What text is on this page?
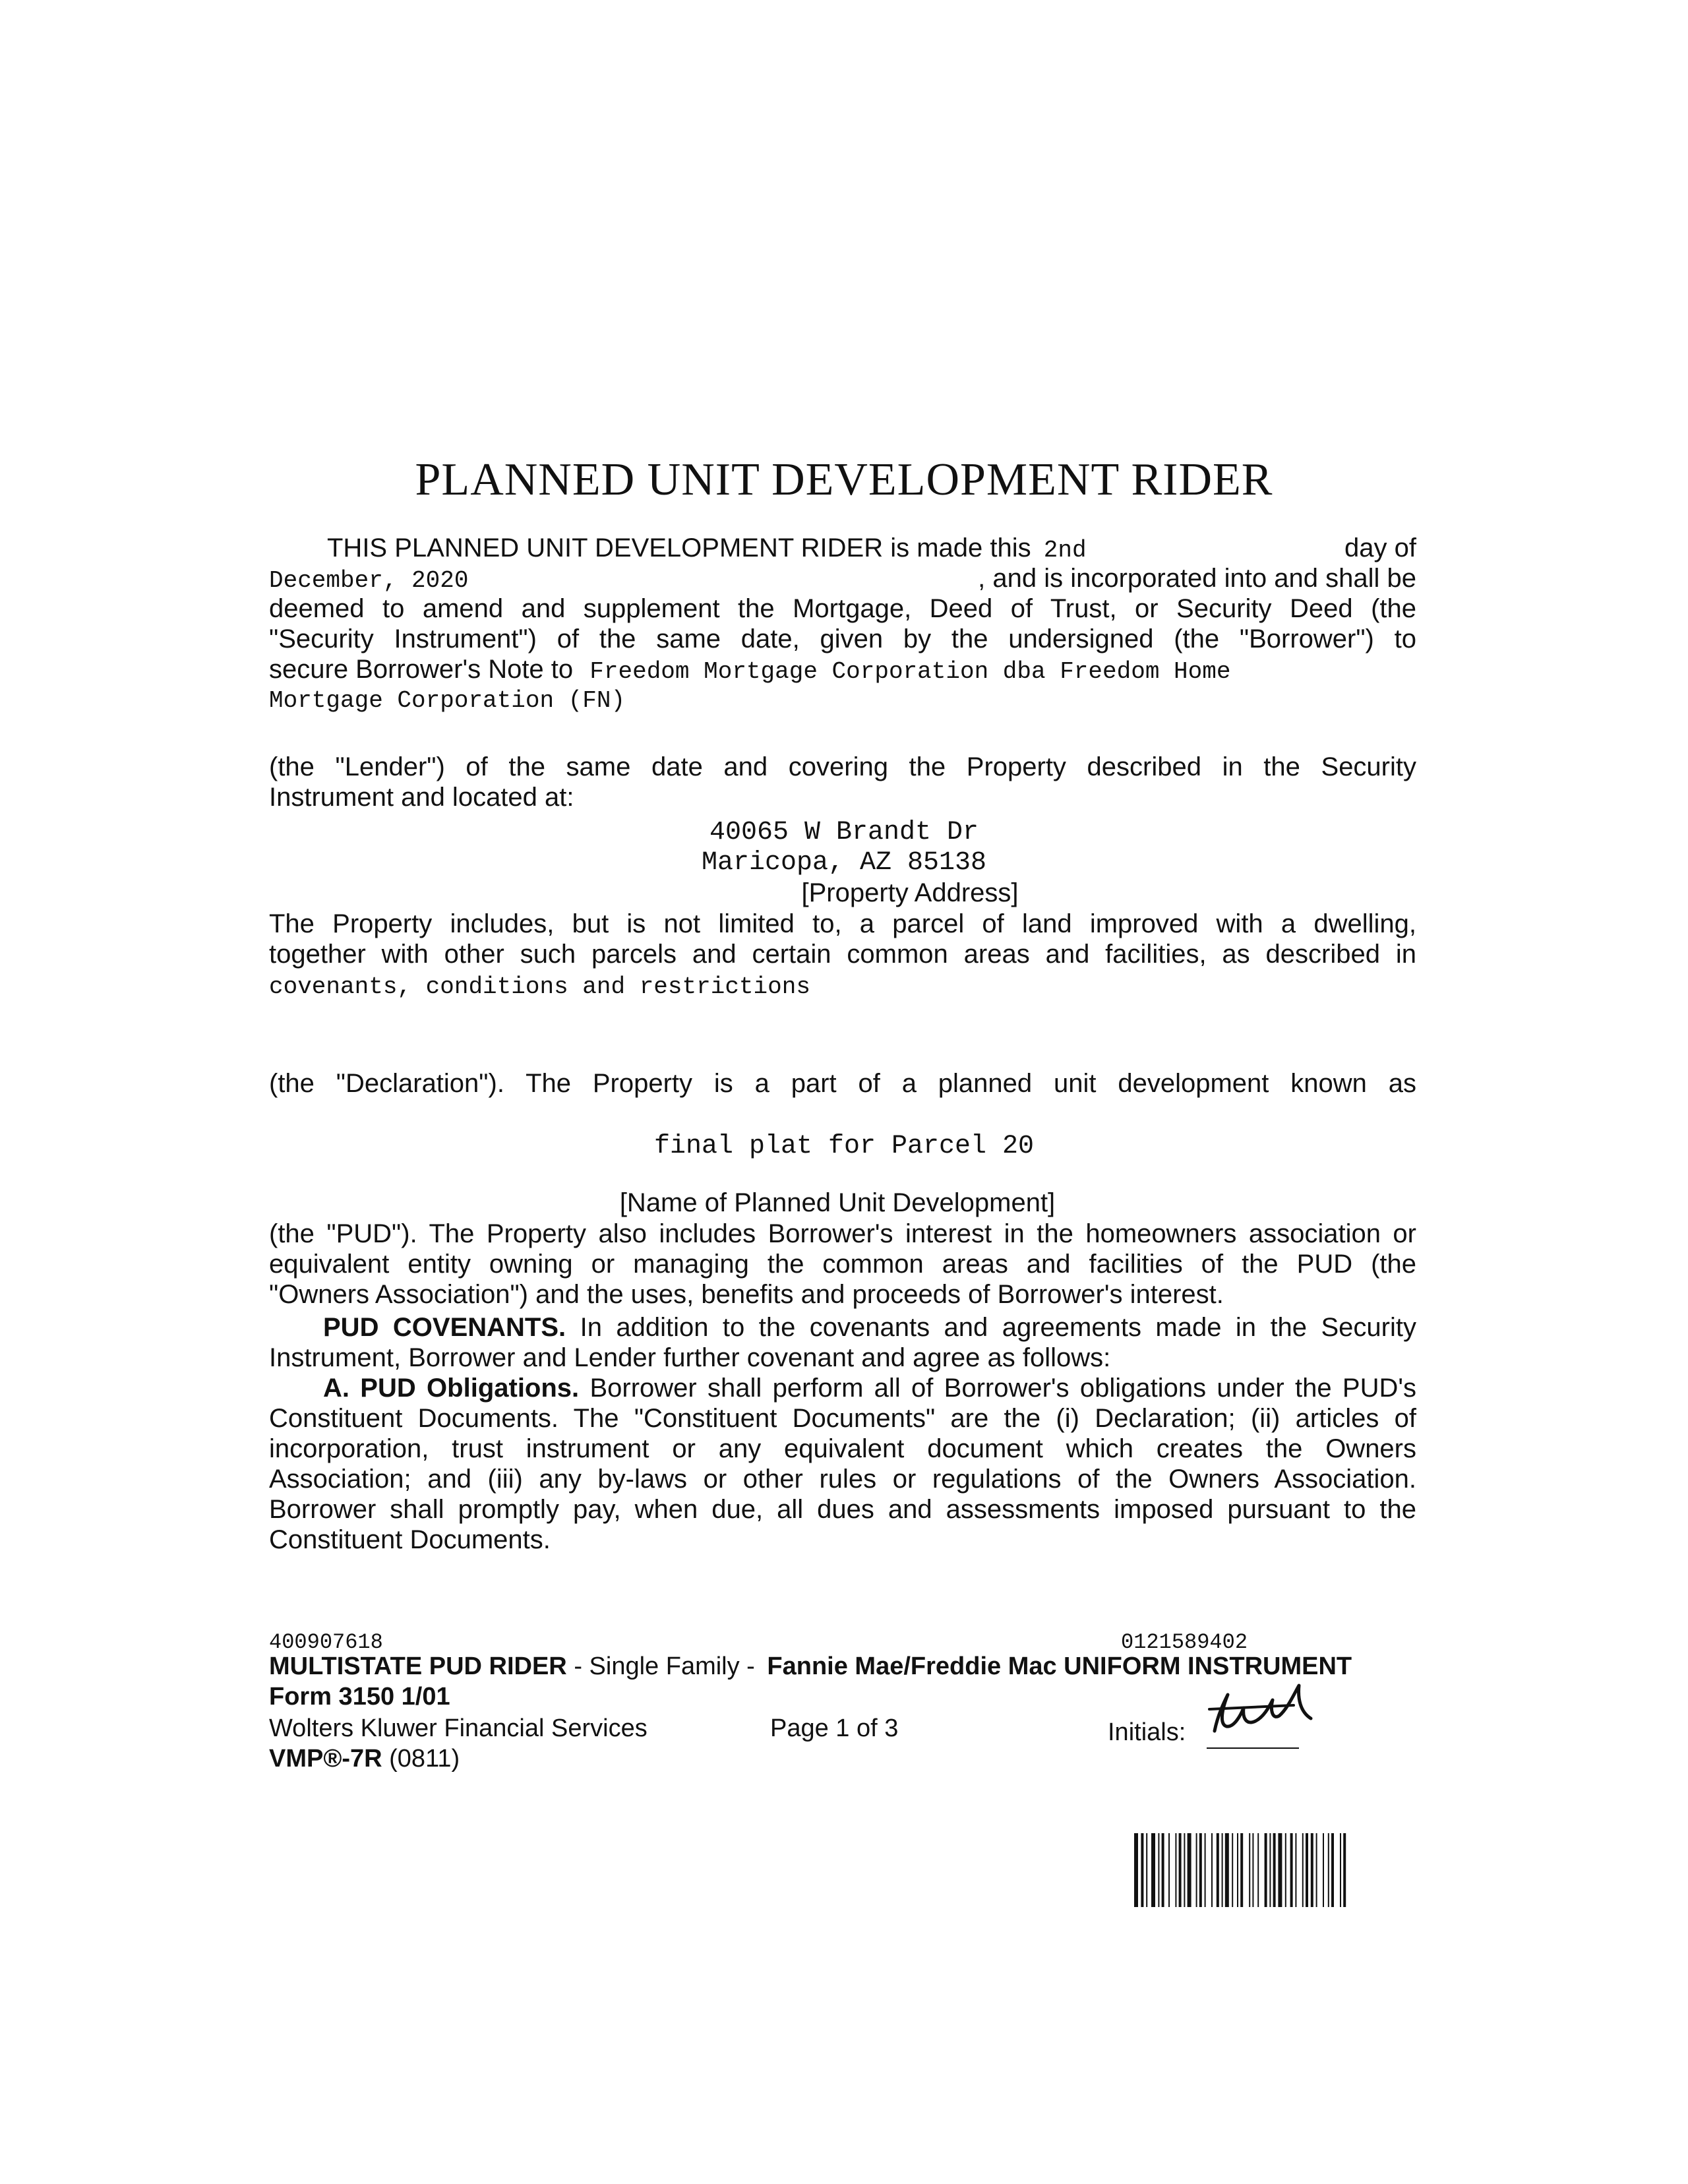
PLANNED UNIT DEVELOPMENT RIDER
THIS PLANNED UNIT DEVELOPMENT RIDER is made this 2nd	day of
December, 2020	, and is incorporated into and shall be
deemed to amend and supplement the Mortgage, Deed of Trust, or Security Deed (the
"Security Instrument") of the same date, given by the undersigned (the "Borrower") to
secure Borrower's Note to Freedom Mortgage Corporation dba Freedom Home
Mortgage Corporation (FN)
(the "Lender") of the same date and covering the Property described in the Security
Instrument and located at:
40065 W Brandt Dr
Maricopa, AZ 85138
[Property Address]
The Property includes, but is not limited to, a parcel of land improved with a dwelling,
together with other such parcels and certain common areas and facilities, as described in
covenants, conditions and restrictions
(the "Declaration"). The Property is a part of a planned unit development known as
final plat for Parcel 20
[Name of Planned Unit Development]
(the "PUD"). The Property also includes Borrower's interest in the homeowners association or
equivalent entity owning or managing the common areas and facilities of the PUD (the
"Owners Association") and the uses, benefits and proceeds of Borrower's interest.
PUD COVENANTS. In addition to the covenants and agreements made in the Security
Instrument, Borrower and Lender further covenant and agree as follows:
A. PUD Obligations. Borrower shall perform all of Borrower's obligations under the PUD's
Constituent Documents. The "Constituent Documents" are the (i) Declaration; (ii) articles of
incorporation, trust instrument or any equivalent document which creates the Owners
Association; and (iii) any by-laws or other rules or regulations of the Owners Association.
Borrower shall promptly pay, when due, all dues and assessments imposed pursuant to the
Constituent Documents.
400907618	0121589402
MULTISTATE PUD RIDER - Single Family - Fannie Mae/Freddie Mac UNIFORM INSTRUMENT
Form 3150 1/01
Wolters Kluwer Financial Services	Page 1 of 3	Initials:
VMP®-7R (0811)
